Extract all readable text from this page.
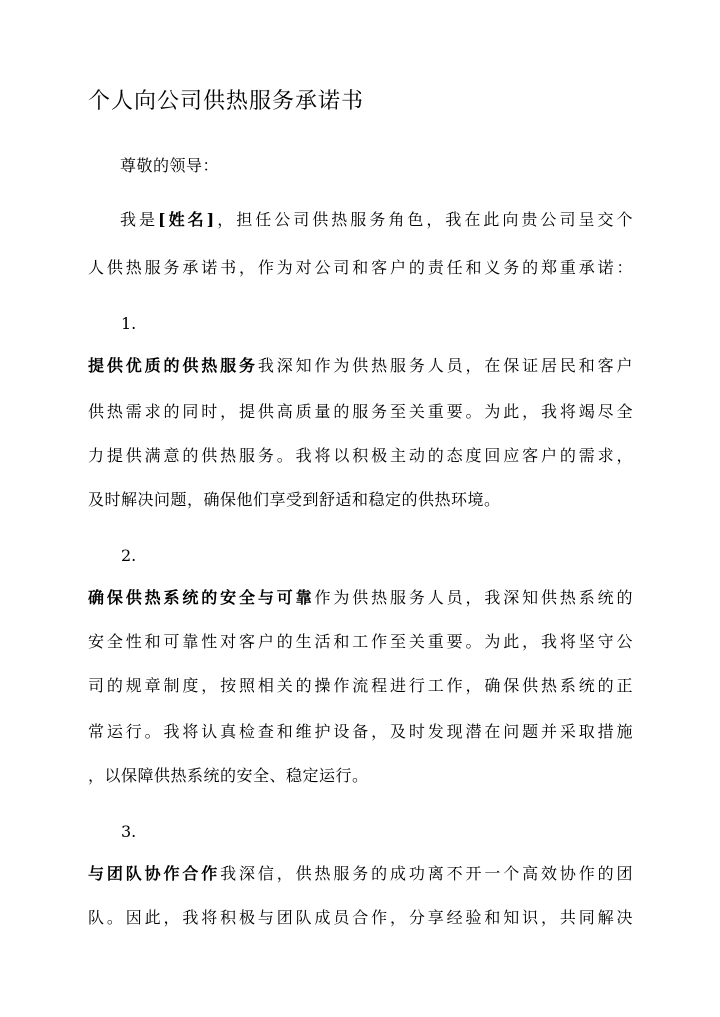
个人向公司供热服务承诺书
尊敬的领导：
我是[姓名]，担任公司供热服务角色，我在此向贵公司呈交个
人供热服务承诺书，作为对公司和客户的责任和义务的郑重承诺：
1.
提供优质的供热服务我深知作为供热服务人员，在保证居民和客户
供热需求的同时，提供高质量的服务至关重要。为此，我将竭尽全
力提供满意的供热服务。我将以积极主动的态度回应客户的需求，
及时解决问题，确保他们享受到舒适和稳定的供热环境。
2.
确保供热系统的安全与可靠作为供热服务人员，我深知供热系统的
安全性和可靠性对客户的生活和工作至关重要。为此，我将坚守公
司的规章制度，按照相关的操作流程进行工作，确保供热系统的正
常运行。我将认真检查和维护设备，及时发现潜在问题并采取措施
，以保障供热系统的安全、稳定运行。
3.
与团队协作合作我深信，供热服务的成功离不开一个高效协作的团
队。因此，我将积极与团队成员合作，分享经验和知识，共同解决
